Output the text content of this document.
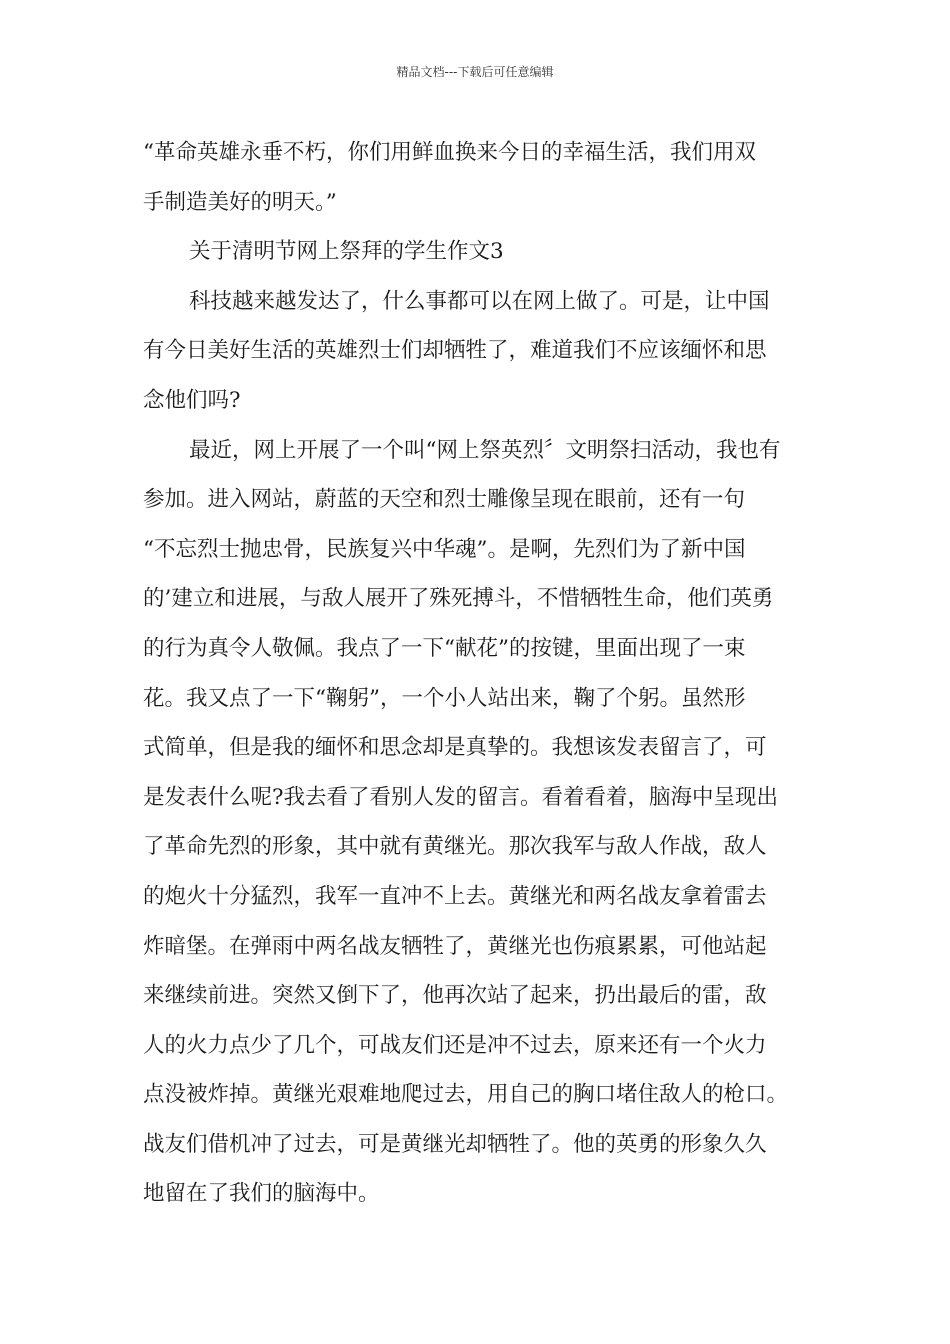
精品文档---下载后可任意编辑
“革命英雄永垂不朽，你们用鲜血换来今日的幸福生活，我们用双
手制造美好的明天。”
关于清明节网上祭拜的学生作文3
科技越来越发达了，什么事都可以在网上做了。可是，让中国
有今日美好生活的英雄烈士们却牺牲了，难道我们不应该缅怀和思
念他们吗?
最近，网上开展了一个叫“网上祭英烈〞文明祭扫活动，我也有
参加。进入网站，蔚蓝的天空和烈士雕像呈现在眼前，还有一句
“不忘烈士抛忠骨，民族复兴中华魂”。是啊，先烈们为了新中国
的’建立和进展，与敌人展开了殊死搏斗，不惜牺牲生命，他们英勇
的行为真令人敬佩。我点了一下“献花”的按键，里面出现了一束
花。我又点了一下“鞠躬”，一个小人站出来，鞠了个躬。虽然形
式简单，但是我的缅怀和思念却是真挚的。我想该发表留言了，可
是发表什么呢?我去看了看别人发的留言。看着看着，脑海中呈现出
了革命先烈的形象，其中就有黄继光。那次我军与敌人作战，敌人
的炮火十分猛烈，我军一直冲不上去。黄继光和两名战友拿着雷去
炸暗堡。在弹雨中两名战友牺牲了，黄继光也伤痕累累，可他站起
来继续前进。突然又倒下了，他再次站了起来，扔出最后的雷，敌
人的火力点少了几个，可战友们还是冲不过去，原来还有一个火力
点没被炸掉。黄继光艰难地爬过去，用自己的胸口堵住敌人的枪口。
战友们借机冲了过去，可是黄继光却牺牲了。他的英勇的形象久久
地留在了我们的脑海中。
